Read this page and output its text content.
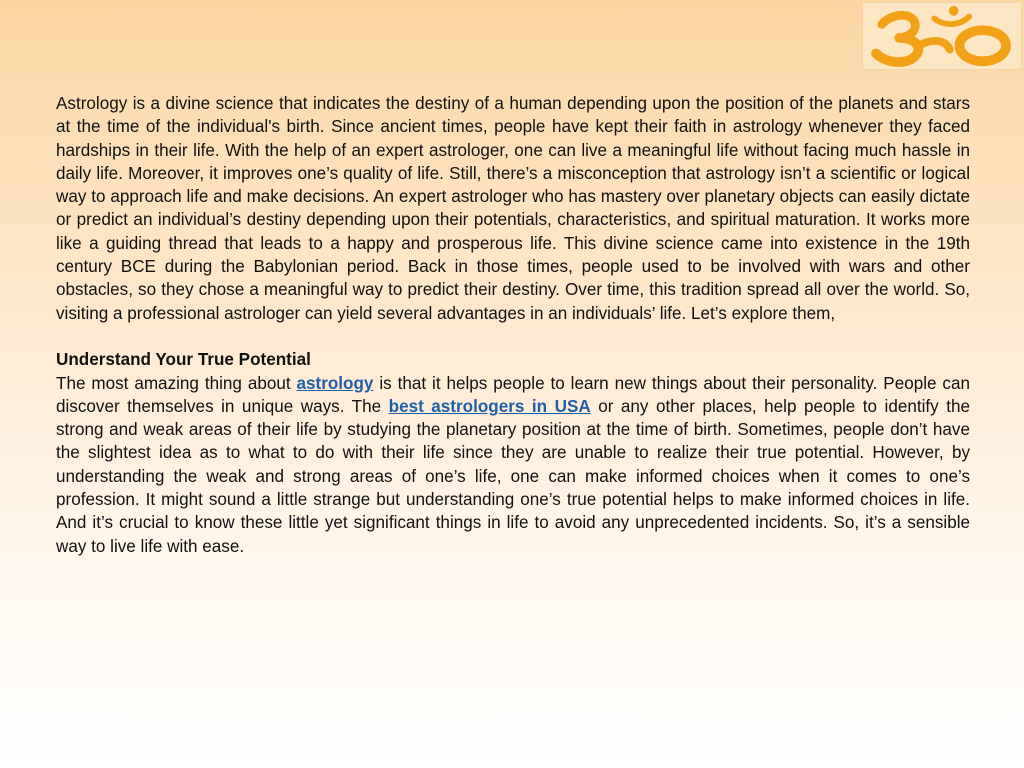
Astrology is a divine science that indicates the destiny of a human depending upon the position of the planets and stars at the time of the individual's birth. Since ancient times, people have kept their faith in astrology whenever they faced hardships in their life. With the help of an expert astrologer, one can live a meaningful life without facing much hassle in daily life. Moreover, it improves one’s quality of life. Still, there’s a misconception that astrology isn’t a scientific or logical way to approach life and make decisions. An expert astrologer who has mastery over planetary objects can easily dictate or predict an individual’s destiny depending upon their potentials, characteristics, and spiritual maturation. It works more like a guiding thread that leads to a happy and prosperous life. This divine science came into existence in the 19th century BCE during the Babylonian period. Back in those times, people used to be involved with wars and other obstacles, so they chose a meaningful way to predict their destiny. Over time, this tradition spread all over the world. So, visiting a professional astrologer can yield several advantages in an individuals’ life. Let’s explore them,

Understand Your True Potential

The most amazing thing about astrology is that it helps people to learn new things about their personality. People can discover themselves in unique ways. The best astrologers in USA or any other places, help people to identify the strong and weak areas of their life by studying the planetary position at the time of birth. Sometimes, people don’t have the slightest idea as to what to do with their life since they are unable to realize their true potential. However, by understanding the weak and strong areas of one’s life, one can make informed choices when it comes to one’s profession. It might sound a little strange but understanding one’s true potential helps to make informed choices in life. And it’s crucial to know these little yet significant things in life to avoid any unprecedented incidents. So, it’s a sensible way to live life with ease.
